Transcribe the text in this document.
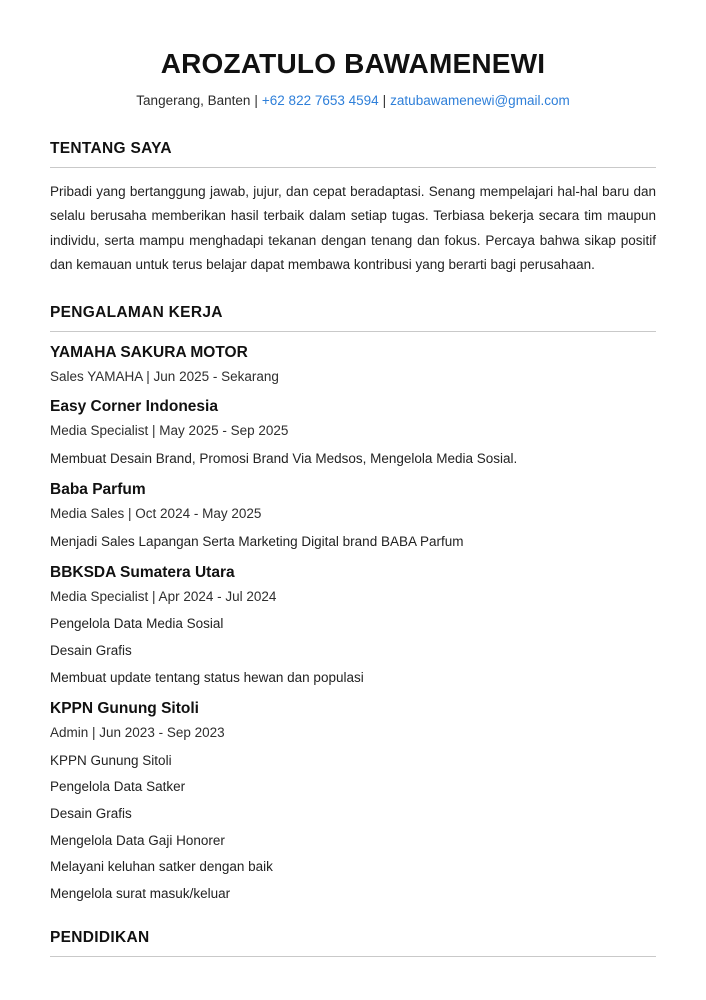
AROZATULO BAWAMENEWI
Tangerang, Banten | +62 822 7653 4594 | zatubawamenewi@gmail.com
TENTANG SAYA

Pribadi yang bertanggung jawab, jujur, dan cepat beradaptasi. Senang mempelajari hal-hal baru dan selalu berusaha memberikan hasil terbaik dalam setiap tugas. Terbiasa bekerja secara tim maupun individu, serta mampu menghadapi tekanan dengan tenang dan fokus. Percaya bahwa sikap positif dan kemauan untuk terus belajar dapat membawa kontribusi yang berarti bagi perusahaan.

PENGALAMAN KERJA
YAMAHA SAKURA MOTOR
Sales YAMAHA | Jun 2025 - Sekarang
Easy Corner Indonesia
Media Specialist | May 2025 - Sep 2025
Membuat Desain Brand, Promosi Brand Via Medsos, Mengelola Media Sosial.
Baba Parfum
Media Sales | Oct 2024 - May 2025
Menjadi Sales Lapangan Serta Marketing Digital brand BABA Parfum
BBKSDA Sumatera Utara
Media Specialist | Apr 2024 - Jul 2024
Pengelola Data Media Sosial
Desain Grafis
Membuat update tentang status hewan dan populasi
KPPN Gunung Sitoli
Admin | Jun 2023 - Sep 2023
KPPN Gunung Sitoli
Pengelola Data Satker
Desain Grafis
Mengelola Data Gaji Honorer
Melayani keluhan satker dengan baik
Mengelola surat masuk/keluar
PENDIDIKAN
